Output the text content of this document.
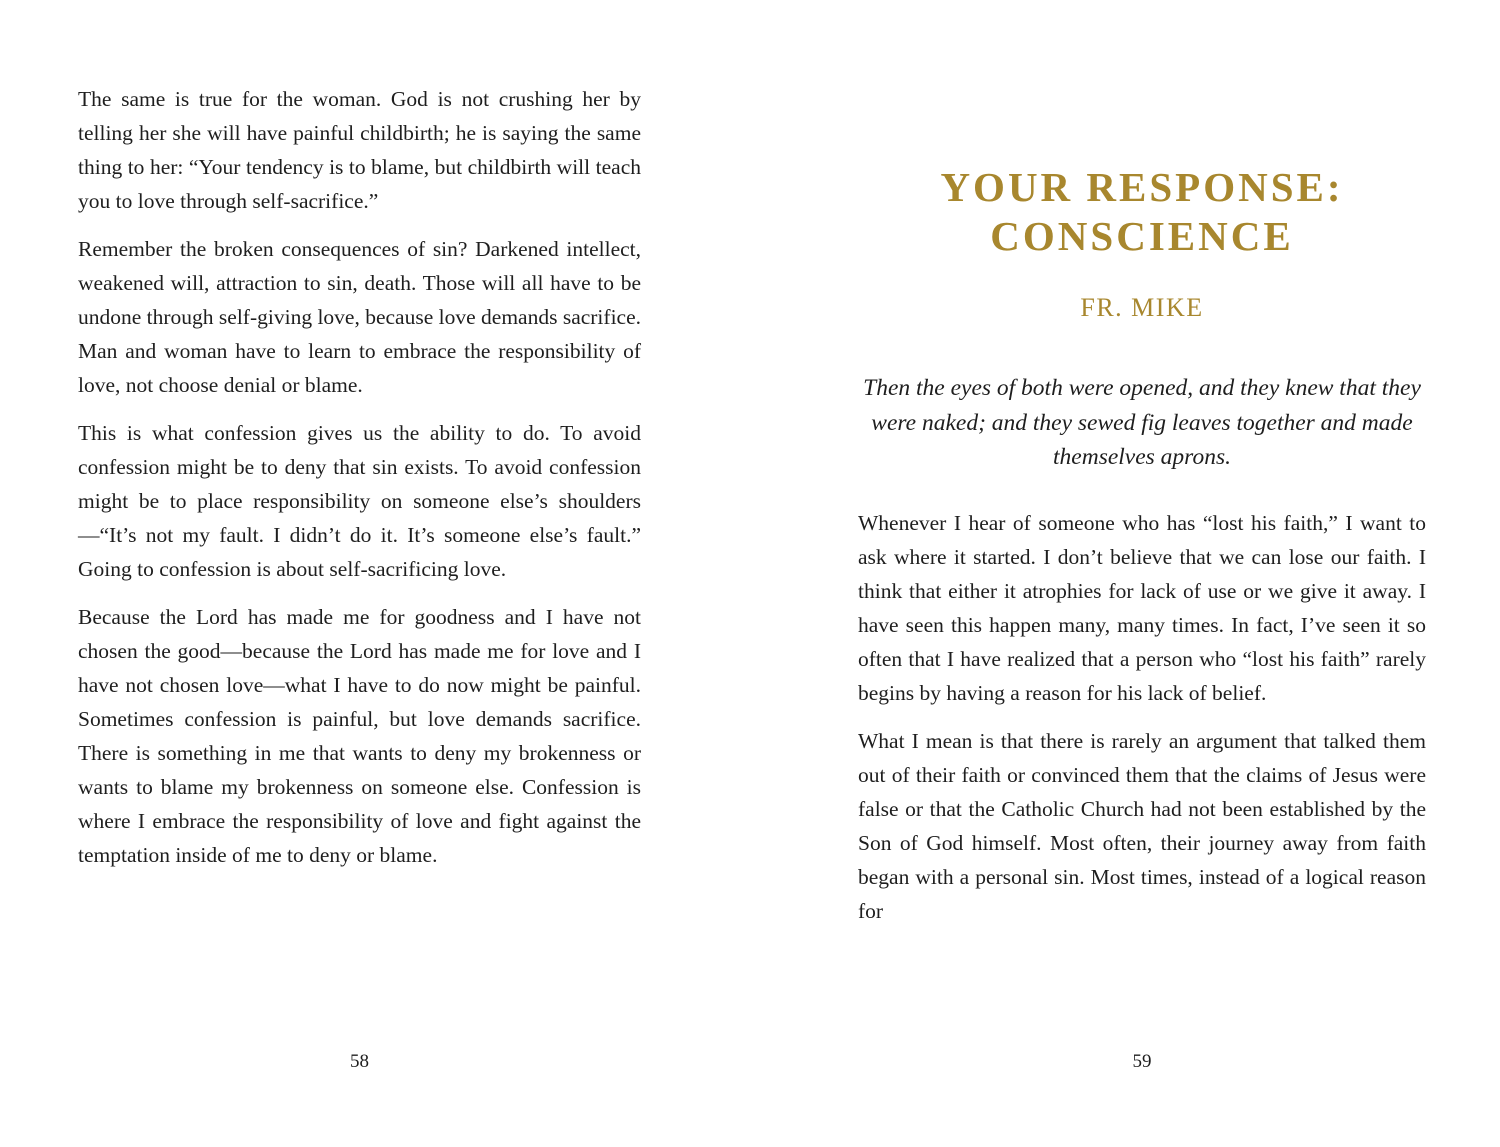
The same is true for the woman. God is not crushing her by telling her she will have painful childbirth; he is saying the same thing to her: “Your tendency is to blame, but childbirth will teach you to love through self-sacrifice.”

Remember the broken consequences of sin? Darkened intellect, weakened will, attraction to sin, death. Those will all have to be undone through self-giving love, because love demands sacrifice. Man and woman have to learn to embrace the responsibility of love, not choose denial or blame.

This is what confession gives us the ability to do. To avoid confession might be to deny that sin exists. To avoid confession might be to place responsibility on someone else’s shoulders—“It’s not my fault. I didn’t do it. It’s someone else’s fault.” Going to confession is about self-sacrificing love.

Because the Lord has made me for goodness and I have not chosen the good—because the Lord has made me for love and I have not chosen love—what I have to do now might be painful. Sometimes confession is painful, but love demands sacrifice. There is something in me that wants to deny my brokenness or wants to blame my brokenness on someone else. Confession is where I embrace the responsibility of love and fight against the temptation inside of me to deny or blame.

58
YOUR RESPONSE:
CONSCIENCE
FR. MIKE
Then the eyes of both were opened, and they knew that they were naked; and they sewed fig leaves together and made themselves aprons.

Whenever I hear of someone who has “lost his faith,” I want to ask where it started. I don’t believe that we can lose our faith. I think that either it atrophies for lack of use or we give it away. I have seen this happen many, many times. In fact, I’ve seen it so often that I have realized that a person who “lost his faith” rarely begins by having a reason for his lack of belief.

What I mean is that there is rarely an argument that talked them out of their faith or convinced them that the claims of Jesus were false or that the Catholic Church had not been established by the Son of God himself. Most often, their journey away from faith began with a personal sin. Most times, instead of a logical reason for

59
